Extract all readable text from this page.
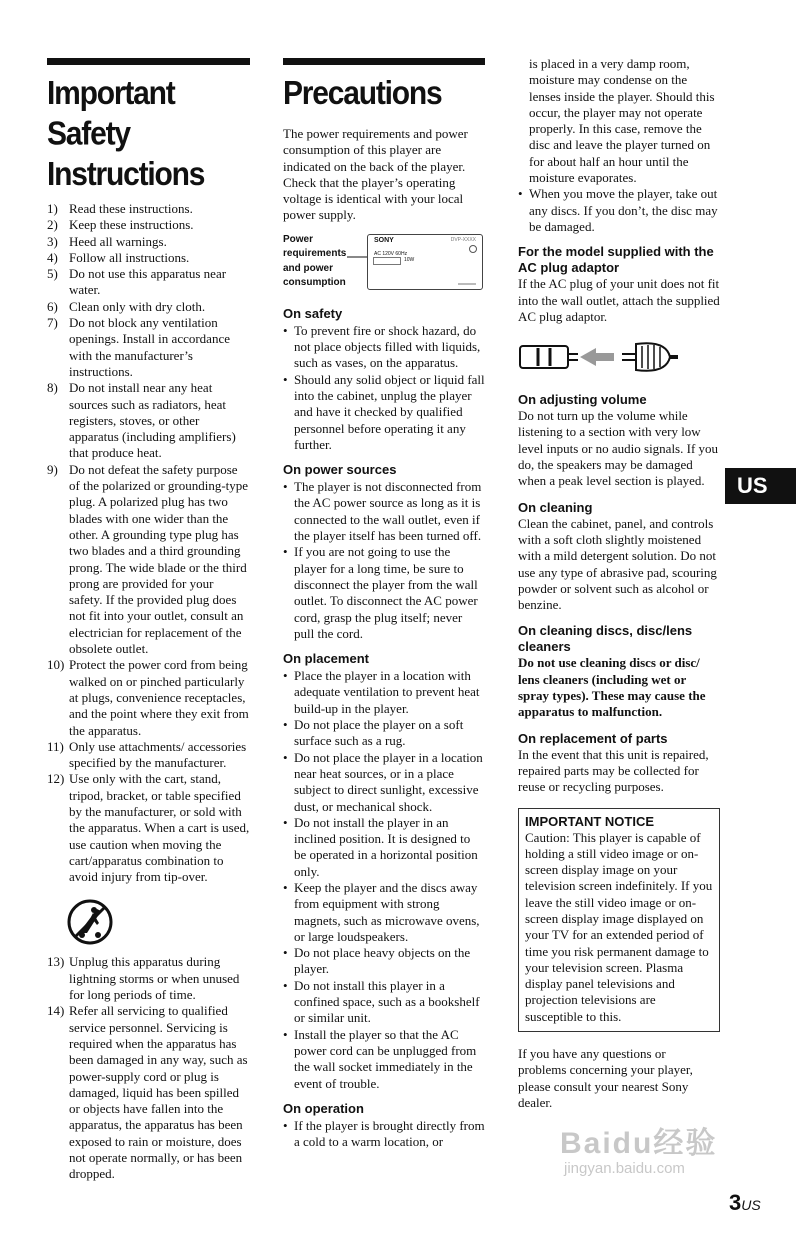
Important Safety
Instructions
1) Read these instructions.
2) Keep these instructions.
3) Heed all warnings.
4) Follow all instructions.
5) Do not use this apparatus near water.
6) Clean only with dry cloth.
7) Do not block any ventilation openings. Install in accordance with the manufacturer’s instructions.
8) Do not install near any heat sources such as radiators, heat registers, stoves, or other apparatus (including amplifiers) that produce heat.
9) Do not defeat the safety purpose of the polarized or grounding-type plug. A polarized plug has two blades with one wider than the other. A grounding type plug has two blades and a third grounding prong. The wide blade or the third prong are provided for your safety. If the provided plug does not fit into your outlet, consult an electrician for replacement of the obsolete outlet.
10) Protect the power cord from being walked on or pinched particularly at plugs, convenience receptacles, and the point where they exit from the apparatus.
11) Only use attachments/ accessories specified by the manufacturer.
12) Use only with the cart, stand, tripod, bracket, or table specified by the manufacturer, or sold with the apparatus. When a cart is used, use caution when moving the cart/apparatus combination to avoid injury from tip-over.
13) Unplug this apparatus during lightning storms or when unused for long periods of time.
14) Refer all servicing to qualified service personnel. Servicing is required when the apparatus has been damaged in any way, such as power-supply cord or plug is damaged, liquid has been spilled or objects have fallen into the apparatus, the apparatus has been exposed to rain or moisture, does not operate normally, or has been dropped.
Precautions

The power requirements and power consumption of this player are indicated on the back of the player. Check that the player’s operating voltage is identical with your local power supply.

Power requirements and power consumption
SONY	DVP-XXXX
AC 120V 60Hz
10W
On safety
• To prevent fire or shock hazard, do not place objects filled with liquids, such as vases, on the apparatus.
• Should any solid object or liquid fall into the cabinet, unplug the player and have it checked by qualified personnel before operating it any further.
On power sources
• The player is not disconnected from the AC power source as long as it is connected to the wall outlet, even if the player itself has been turned off.
• If you are not going to use the player for a long time, be sure to disconnect the player from the wall outlet. To disconnect the AC power cord, grasp the plug itself; never pull the cord.
On placement
• Place the player in a location with adequate ventilation to prevent heat build-up in the player.
• Do not place the player on a soft surface such as a rug.
• Do not place the player in a location near heat sources, or in a place subject to direct sunlight, excessive dust, or mechanical shock.
• Do not install the player in an inclined position. It is designed to be operated in a horizontal position only.
• Keep the player and the discs away from equipment with strong magnets, such as microwave ovens, or large loudspeakers.
• Do not place heavy objects on the player.
• Do not install this player in a confined space, such as a bookshelf or similar unit.
• Install the player so that the AC power cord can be unplugged from the wall socket immediately in the event of trouble.
On operation
• If the player is brought directly from a cold to a warm location, or

is placed in a very damp room, moisture may condense on the lenses inside the player. Should this occur, the player may not operate properly. In this case, remove the disc and leave the player turned on for about half an hour until the moisture evaporates.

• When you move the player, take out any discs. If you don’t, the disc may be damaged.
For the model supplied with the AC plug adaptor

If the AC plug of your unit does not fit into the wall outlet, attach the supplied AC plug adaptor.

On adjusting volume

Do not turn up the volume while listening to a section with very low level inputs or no audio signals. If you do, the speakers may be damaged when a peak level section is played.

On cleaning

Clean the cabinet, panel, and controls with a soft cloth slightly moistened with a mild detergent solution. Do not use any type of abrasive pad, scouring powder or solvent such as alcohol or benzine.

On cleaning discs, disc/lens cleaners

Do not use cleaning discs or disc/ lens cleaners (including wet or spray types). These may cause the apparatus to malfunction.

On replacement of parts

In the event that this unit is repaired, repaired parts may be collected for reuse or recycling purposes.

IMPORTANT NOTICE

Caution: This player is capable of holding a still video image or on-screen display image on your television screen indefinitely. If you leave the still video image or on-screen display image displayed on your TV for an extended period of time you risk permanent damage to your television screen. Plasma display panel televisions and projection televisions are susceptible to this.

If you have any questions or problems concerning your player, please consult your nearest Sony dealer.

US
Baidu经验
jingyan.baidu.com
3US
